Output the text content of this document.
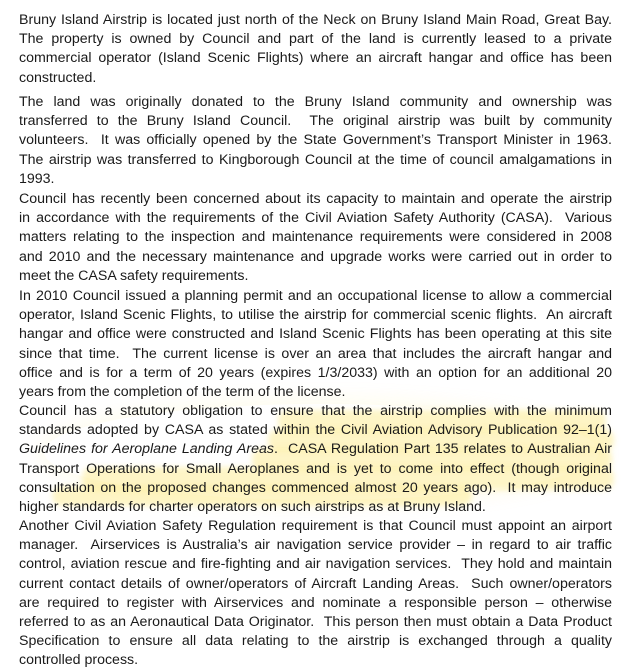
Bruny Island Airstrip is located just north of the Neck on Bruny Island Main Road, Great Bay.
The property is owned by Council and part of the land is currently leased to a private
commercial operator (Island Scenic Flights) where an aircraft hangar and office has been
constructed.
The land was originally donated to the Bruny Island community and ownership was
transferred to the Bruny Island Council.  The original airstrip was built by community
volunteers.  It was officially opened by the State Government’s Transport Minister in 1963.
The airstrip was transferred to Kingborough Council at the time of council amalgamations in
1993.
Council has recently been concerned about its capacity to maintain and operate the airstrip
in accordance with the requirements of the Civil Aviation Safety Authority (CASA).  Various
matters relating to the inspection and maintenance requirements were considered in 2008
and 2010 and the necessary maintenance and upgrade works were carried out in order to
meet the CASA safety requirements.
In 2010 Council issued a planning permit and an occupational license to allow a commercial
operator, Island Scenic Flights, to utilise the airstrip for commercial scenic flights.  An aircraft
hangar and office were constructed and Island Scenic Flights has been operating at this site
since that time.  The current license is over an area that includes the aircraft hangar and
office and is for a term of 20 years (expires 1/3/2033) with an option for an additional 20
years from the completion of the term of the license.
Council has a statutory obligation to ensure that the airstrip complies with the minimum
standards adopted by CASA as stated within the Civil Aviation Advisory Publication 92–1(1)
Guidelines for Aeroplane Landing Areas.  CASA Regulation Part 135 relates to Australian Air
Transport Operations for Small Aeroplanes and is yet to come into effect (though original
consultation on the proposed changes commenced almost 20 years ago).  It may introduce
higher standards for charter operators on such airstrips as at Bruny Island.
Another Civil Aviation Safety Regulation requirement is that Council must appoint an airport
manager.  Airservices is Australia’s air navigation service provider – in regard to air traffic
control, aviation rescue and fire-fighting and air navigation services.  They hold and maintain
current contact details of owner/operators of Aircraft Landing Areas.  Such owner/operators
are required to register with Airservices and nominate a responsible person – otherwise
referred to as an Aeronautical Data Originator.  This person then must obtain a Data Product
Specification to ensure all data relating to the airstrip is exchanged through a quality
controlled process.
